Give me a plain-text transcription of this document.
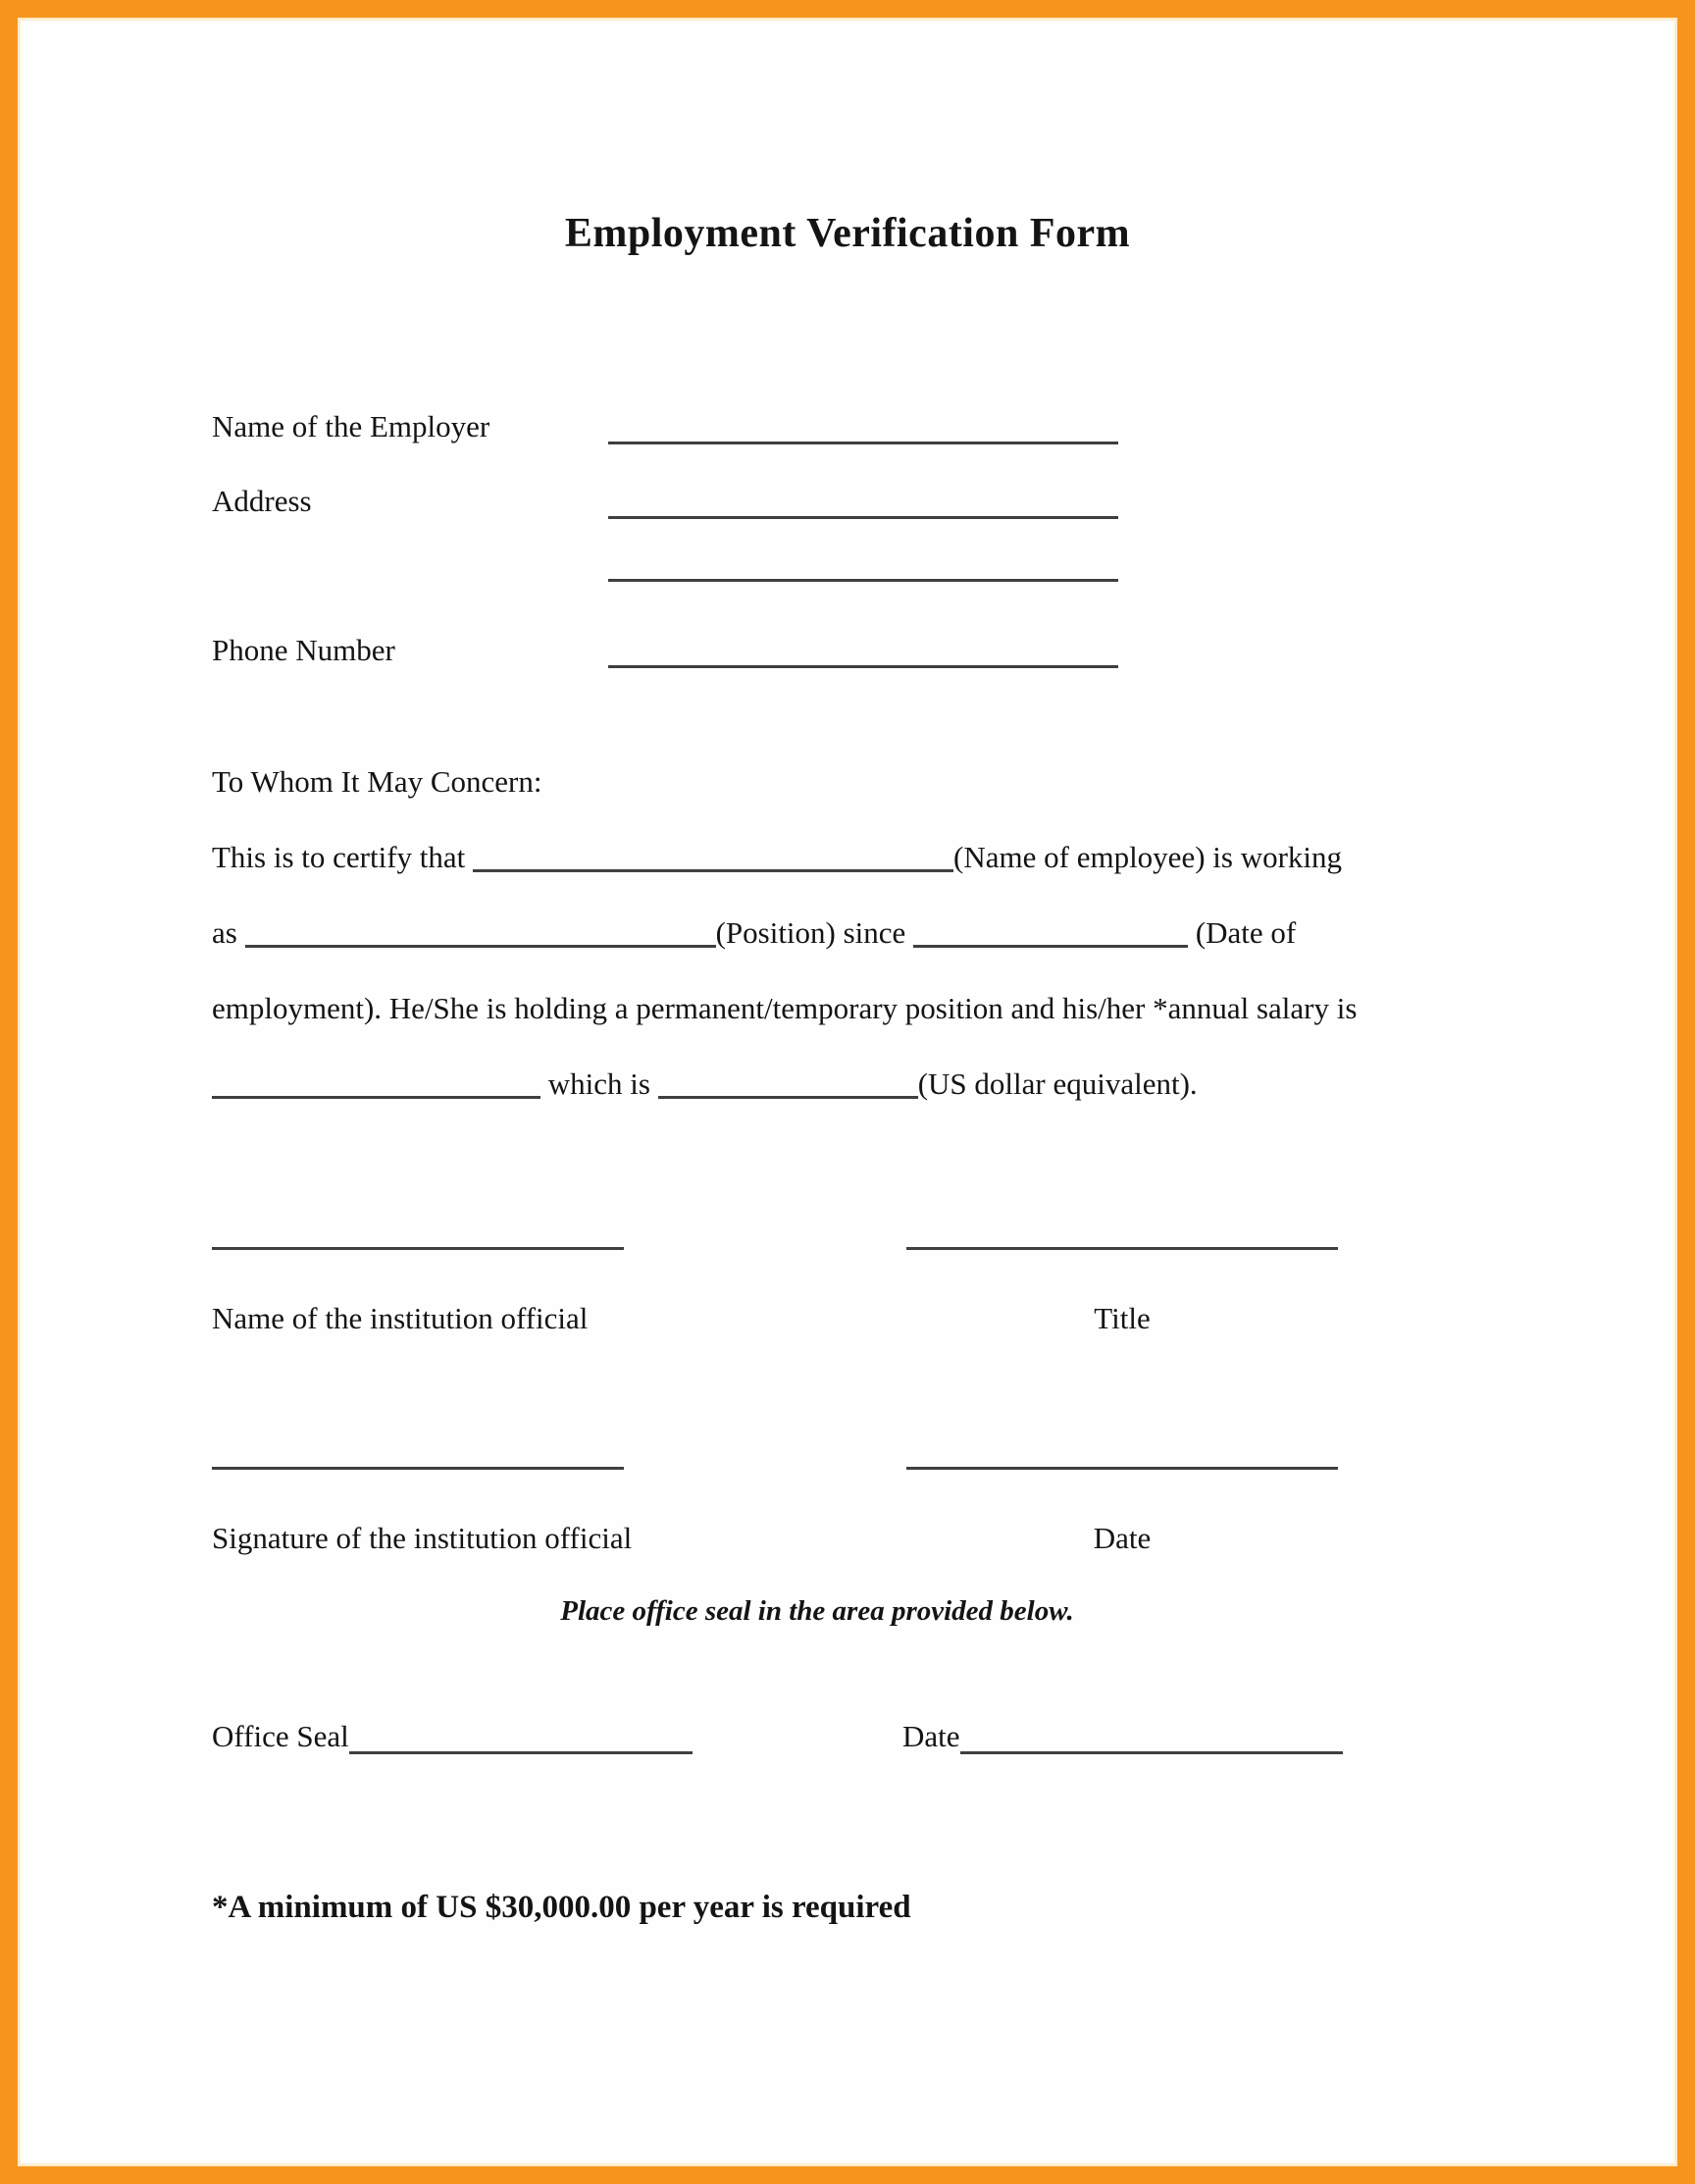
Employment Verification Form
Name of the Employer
Address
Phone Number
To Whom It May Concern:
This is to certify that	(Name of employee) is working
as	(Position) since	(Date of
employment). He/She is holding a permanent/temporary position and his/her *annual salary is
which is	(US dollar equivalent).
Name of the institution official	Title
Signature of the institution official	Date
Place office seal in the area provided below.
Office Seal	Date
*A minimum of US $30,000.00 per year is required
